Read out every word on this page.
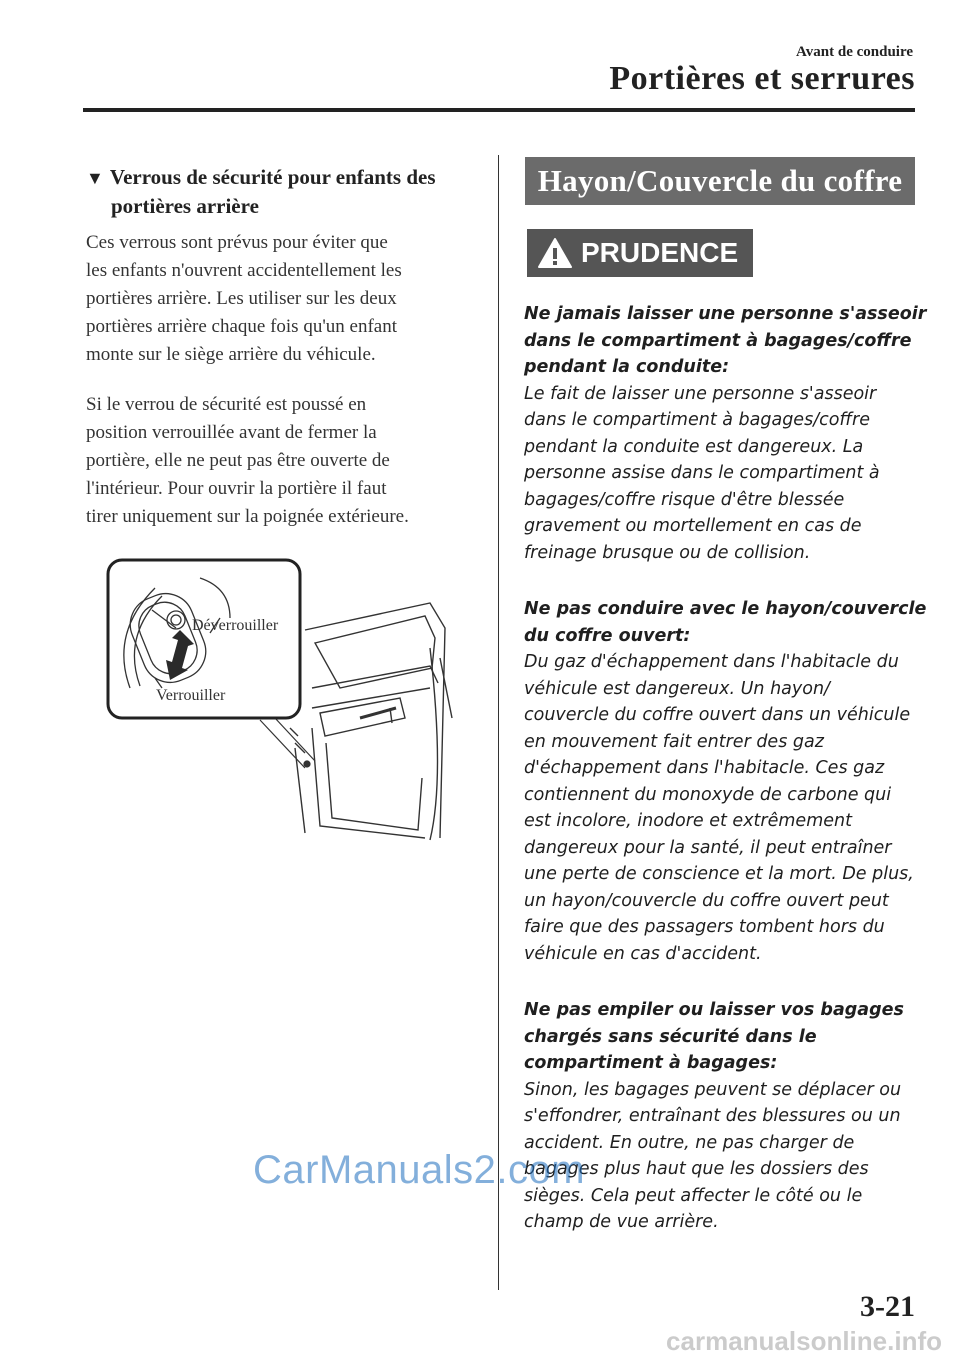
Avant de conduire
Portières et serrures
▼ Verrous de sécurité pour enfants des
portières arrière
Ces verrous sont prévus pour éviter que
les enfants n'ouvrent accidentellement les
portières arrière. Les utiliser sur les deux
portières arrière chaque fois qu'un enfant
monte sur le siège arrière du véhicule.
Si le verrou de sécurité est poussé en
position verrouillée avant de fermer la
portière, elle ne peut pas être ouverte de
l'intérieur. Pour ouvrir la portière il faut
tirer uniquement sur la poignée extérieure.
Déverrouiller
Verrouiller
Hayon/Couvercle du coffre
PRUDENCE
Ne jamais laisser une personne s'asseoir
dans le compartiment à bagages/coffre
pendant la conduite:
Le fait de laisser une personne s'asseoir
dans le compartiment à bagages/coffre
pendant la conduite est dangereux. La
personne assise dans le compartiment à
bagages/coffre risque d'être blessée
gravement ou mortellement en cas de
freinage brusque ou de collision.
Ne pas conduire avec le hayon/couvercle
du coffre ouvert:
Du gaz d'échappement dans l'habitacle du
véhicule est dangereux. Un hayon/
couvercle du coffre ouvert dans un véhicule
en mouvement fait entrer des gaz
d'échappement dans l'habitacle. Ces gaz
contiennent du monoxyde de carbone qui
est incolore, inodore et extrêmement
dangereux pour la santé, il peut entraîner
une perte de conscience et la mort. De plus,
un hayon/couvercle du coffre ouvert peut
faire que des passagers tombent hors du
véhicule en cas d'accident.
Ne pas empiler ou laisser vos bagages
chargés sans sécurité dans le
compartiment à bagages:
Sinon, les bagages peuvent se déplacer ou
s'effondrer, entraînant des blessures ou un
accident. En outre, ne pas charger de
bagages plus haut que les dossiers des
sièges. Cela peut affecter le côté ou le
champ de vue arrière.
3-21
CarManuals2.com
carmanualsonline.info
